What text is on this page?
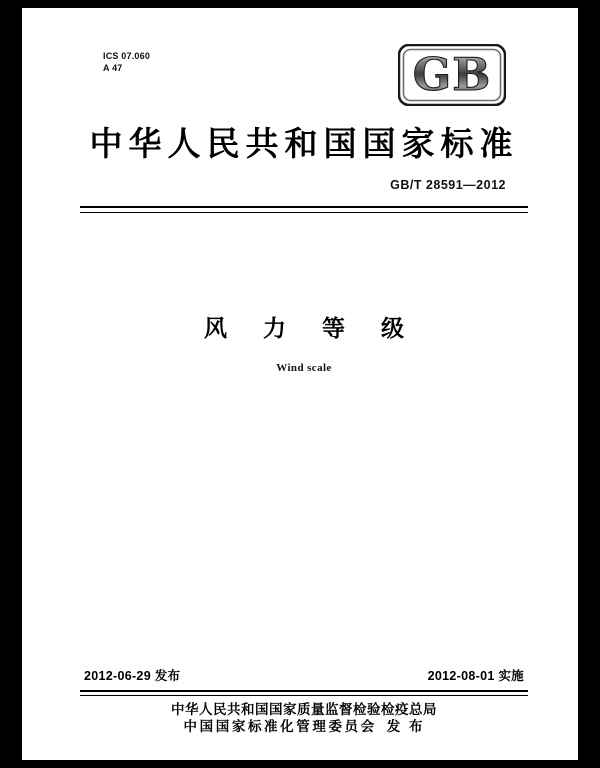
ICS 07.060
A 47	GB
中华人民共和国国家标准
GB/T 28591—2012
风 力 等 级
Wind scale
2012-06-29 发布	2012-08-01 实施
中华人民共和国国家质量监督检验检疫总局
中国国家标准化管理委员会 发 布
